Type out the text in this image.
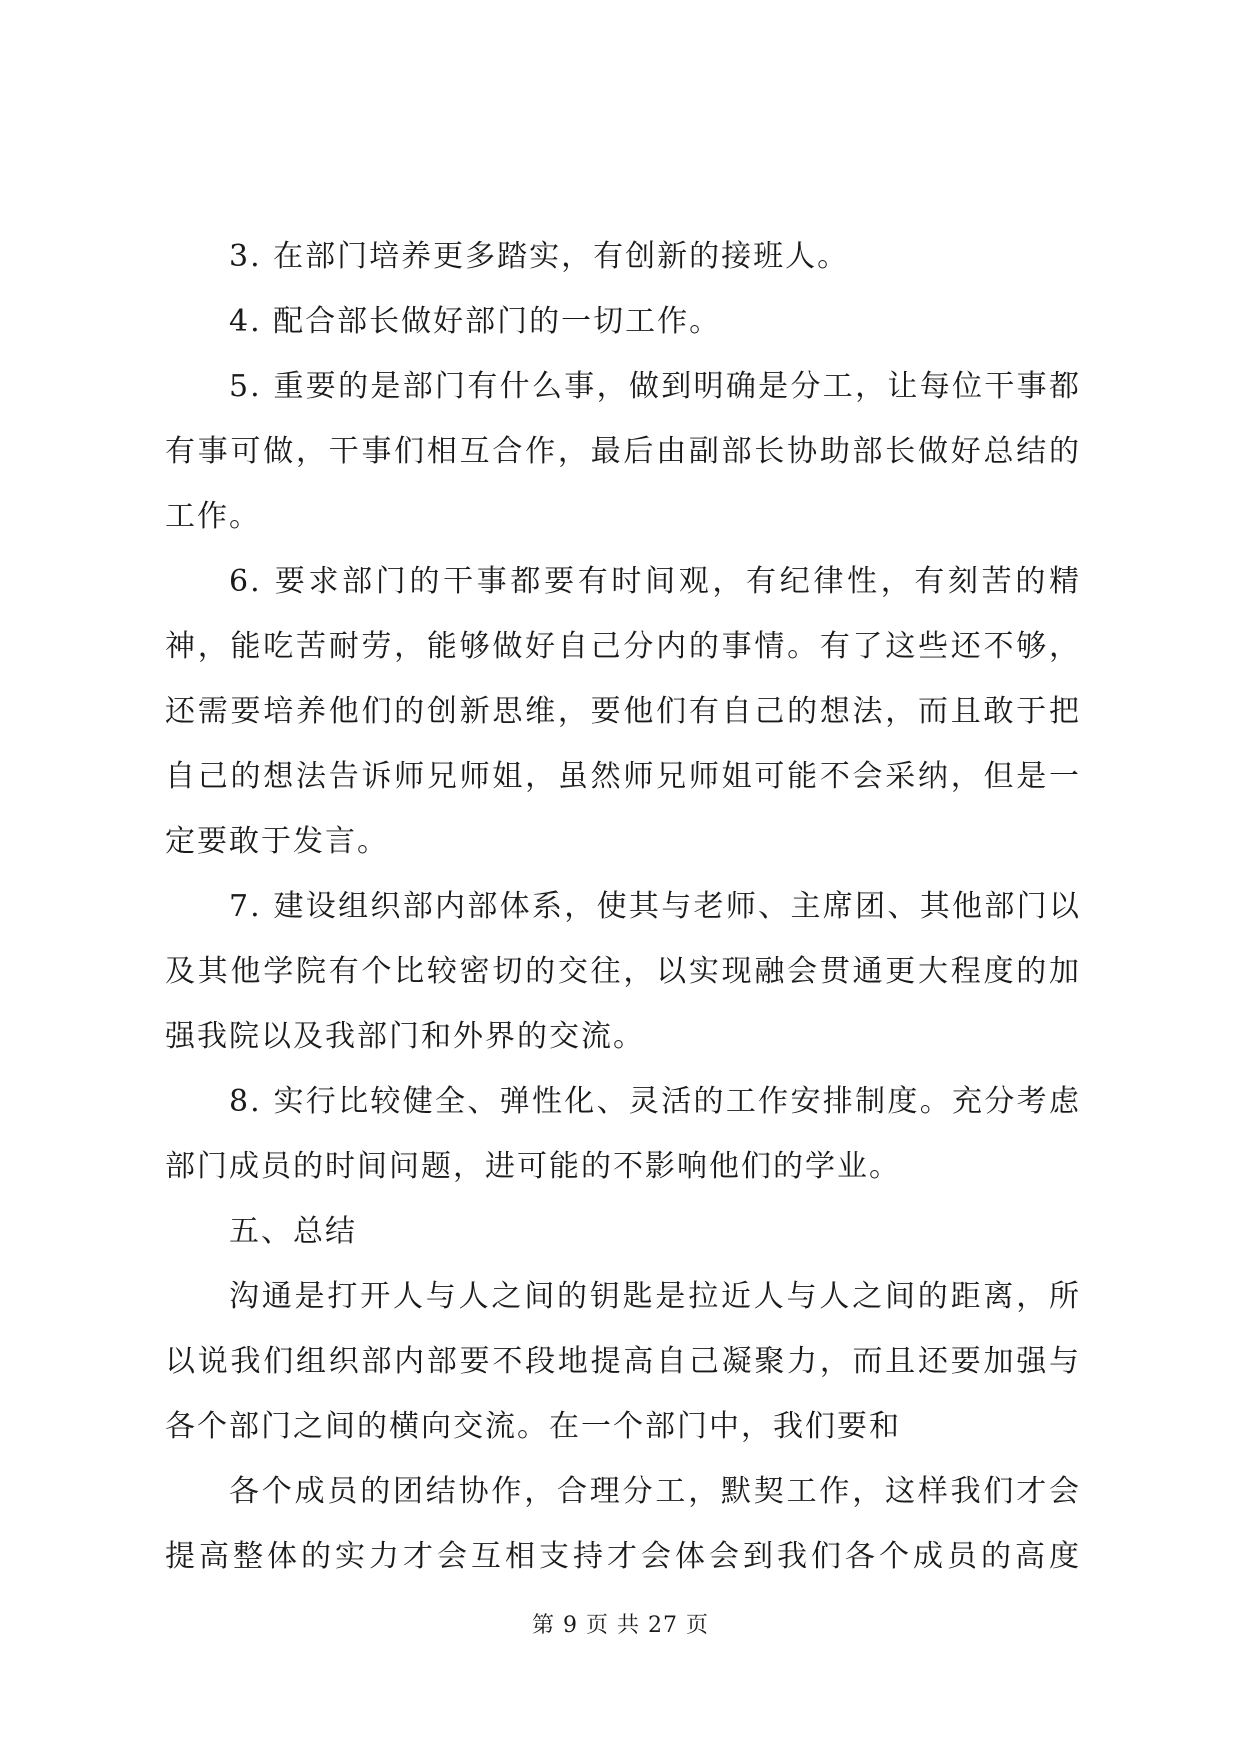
3. 在部门培养更多踏实，有创新的接班人。

4. 配合部长做好部门的一切工作。

5. 重要的是部门有什么事，做到明确是分工，让每位干事都有事可做，干事们相互合作，最后由副部长协助部长做好总结的工作。

6. 要求部门的干事都要有时间观，有纪律性，有刻苦的精神，能吃苦耐劳，能够做好自己分内的事情。有了这些还不够，还需要培养他们的创新思维，要他们有自己的想法，而且敢于把自己的想法告诉师兄师姐，虽然师兄师姐可能不会采纳，但是一定要敢于发言。

7. 建设组织部内部体系，使其与老师、主席团、其他部门以及其他学院有个比较密切的交往，以实现融会贯通更大程度的加强我院以及我部门和外界的交流。

8. 实行比较健全、弹性化、灵活的工作安排制度。充分考虑部门成员的时间问题，进可能的不影响他们的学业。

五、总结

沟通是打开人与人之间的钥匙是拉近人与人之间的距离，所以说我们组织部内部要不段地提高自己凝聚力，而且还要加强与各个部门之间的横向交流。在一个部门中，我们要和

各个成员的团结协作，合理分工，默契工作，这样我们才会提高整体的实力才会互相支持才会体会到我们各个成员的高度

第 9 页 共 27 页
